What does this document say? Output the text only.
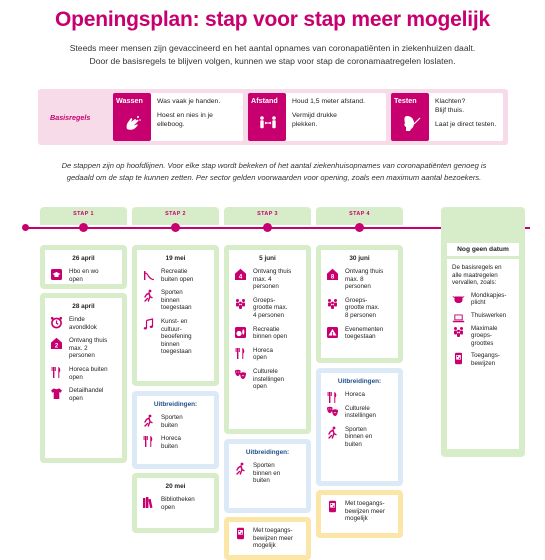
Openingsplan: stap voor stap meer mogelijk
Steeds meer mensen zijn gevaccineerd en het aantal opnames van coronapatiënten in ziekenhuizen daalt.
Door de basisregels te blijven volgen, kunnen we stap voor stap de coronamaatregelen loslaten.
Basisregels
Wassen Was vaak je handen.
Hoest en nies in je
elleboog.
Afstand Houd 1,5 meter afstand.
Vermijd drukke
plekken.
Testen	Klachten?
Blijf thuis.
Laat je direct testen.
De stappen zijn op hoofdlijnen. Voor elke stap wordt bekeken of het aantal ziekenhuisopnames van coronapatiënten genoeg is
gedaald om de stap te kunnen zetten. Per sector gelden voorwaarden voor opening, zoals een maximum aantal bezoekers.
STAP 1
26 april
Hbo en wo
open
28 april
Einde
avondklok
2
Ontvang thuis
max. 2
personen
Horeca buiten
open
Detailhandel
open
STAP 2
19 mei
Recreatie
buiten open
Sporten
binnen
toegestaan
Kunst- en
cultuur-
beoefening
binnen
toegestaan
Uitbreidingen:
Sporten
buiten
Horeca
buiten
20 mei
Bibliotheken
open
STAP 3
5 juni
4
Ontvang thuis
max. 4
personen
Groeps-
grootte max.
4 personen
Recreatie
binnen open
Horeca
open
Culturele
instellingen
open
Uitbreidingen:
Sporten
binnen en
buiten
Met toegangs-
bewijzen meer
mogelijk
STAP 4
30 juni
8
Ontvang thuis
max. 8
personen
Groeps-
grootte max.
8 personen
Evenementen
toegestaan
Uitbreidingen:
Horeca
Culturele
instellingen
Sporten
binnen en
buiten
Met toegangs-
bewijzen meer
mogelijk
Nog geen datum
De basisregels en
alle maatregelen
vervallen, zoals:
Mondkapjes-
plicht
Thuiswerken
Maximale
groeps-
groottes
Toegangs-
bewijzen
